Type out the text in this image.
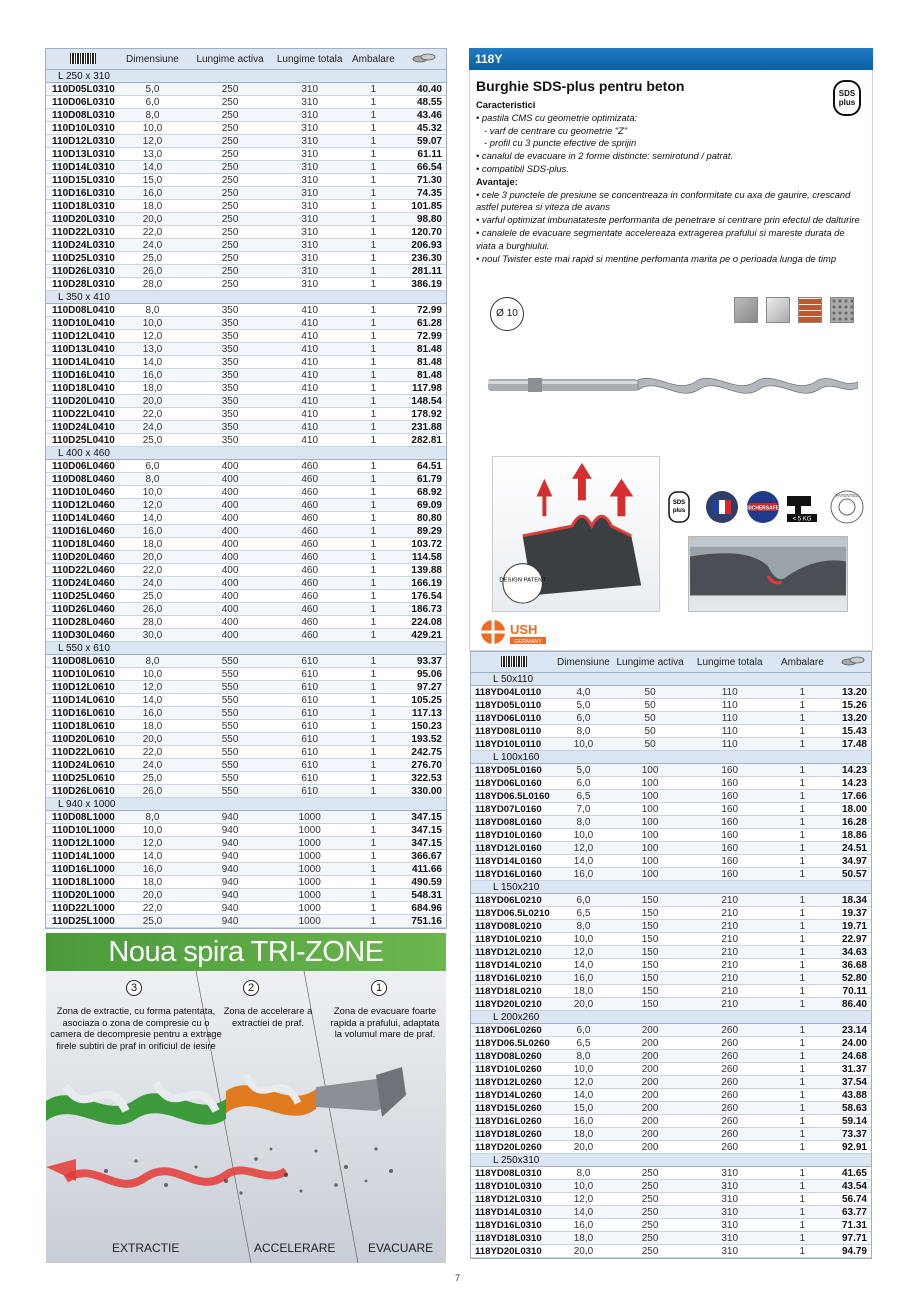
Dimensiune	Lungime activa	Lungime totala Ambalare
L 250 x 310
110D05L0310	5,0	250	310	1	40.40
110D06L0310	6,0	250	310	1	48.55
110D08L0310	8,0	250	310	1	43.46
110D10L0310	10,0	250	310	1	45.32
110D12L0310	12,0	250	310	1	59.07
110D13L0310	13,0	250	310	1	61.11
110D14L0310	14,0	250	310	1	66.54
110D15L0310	15,0	250	310	1	71.30
110D16L0310	16,0	250	310	1	74.35
110D18L0310	18,0	250	310	1	101.85
110D20L0310	20,0	250	310	1	98.80
110D22L0310	22,0	250	310	1	120.70
110D24L0310	24,0	250	310	1	206.93
110D25L0310	25,0	250	310	1	236.30
110D26L0310	26,0	250	310	1	281.11
110D28L0310	28,0	250	310	1	386.19
L 350 x 410
110D08L0410	8,0	350	410	1	72.99
110D10L0410	10,0	350	410	1	61.28
110D12L0410	12,0	350	410	1	72.99
110D13L0410	13,0	350	410	1	81.48
110D14L0410	14,0	350	410	1	81.48
110D16L0410	16,0	350	410	1	81.48
110D18L0410	18,0	350	410	1	117.98
110D20L0410	20,0	350	410	1	148.54
110D22L0410	22,0	350	410	1	178.92
110D24L0410	24,0	350	410	1	231.88
110D25L0410	25,0	350	410	1	282.81
L 400 x 460
110D06L0460	6,0	400	460	1	64.51
110D08L0460	8,0	400	460	1	61.79
110D10L0460	10,0	400	460	1	68.92
110D12L0460	12,0	400	460	1	69.09
110D14L0460	14,0	400	460	1	80.80
110D16L0460	16,0	400	460	1	89.29
110D18L0460	18,0	400	460	1	103.72
110D20L0460	20,0	400	460	1	114.58
110D22L0460	22,0	400	460	1	139.88
110D24L0460	24,0	400	460	1	166.19
110D25L0460	25,0	400	460	1	176.54
110D26L0460	26,0	400	460	1	186.73
110D28L0460	28,0	400	460	1	224.08
110D30L0460	30,0	400	460	1	429.21
L 550 x 610
110D08L0610	8,0	550	610	1	93.37
110D10L0610	10,0	550	610	1	95.06
110D12L0610	12,0	550	610	1	97.27
110D14L0610	14,0	550	610	1	105.25
110D16L0610	16,0	550	610	1	117.13
110D18L0610	18,0	550	610	1	150.23
110D20L0610	20,0	550	610	1	193.52
110D22L0610	22,0	550	610	1	242.75
110D24L0610	24,0	550	610	1	276.70
110D25L0610	25,0	550	610	1	322.53
110D26L0610	26,0	550	610	1	330.00
L 940 x 1000
110D08L1000	8,0	940	1000	1	347.15
110D10L1000	10,0	940	1000	1	347.15
110D12L1000	12,0	940	1000	1	347.15
110D14L1000	14,0	940	1000	1	366.67
110D16L1000	16,0	940	1000	1	411.66
110D18L1000	18,0	940	1000	1	490.59
110D20L1000	20,0	940	1000	1	548.31
110D22L1000	22,0	940	1000	1	684.96
110D25L1000	25,0	940	1000	1	751.16
118Y
Burghie SDS-plus pentru beton	SDS
plus
Caracteristici
• pastila CMS cu geometrie optimizata:
- varf de centrare cu geometrie "Z"
- profil cu 3 puncte efective de sprijin
• canalul de evacuare in 2 forme distincte: semirotund / patrat.
• compatibil SDS-plus.
Avantaje:
• cele 3 punctele de presiune se concentreaza in conformitate cu axa de gaurire, crescand astfel puterea si viteza de avans
• varful optimizat imbunatateste performanta de penetrare si centrare prin efectul de dalturire
• canalele de evacuare segmentate accelereaza extragerea prafului si mareste durata de viata a burghiului.
• noul Twister este mai rapid si mentine perfomanta marita pe o perioada lunga de timp
Ø 10
DESIGN PATENT
SDS
plus	SICHERSAFE
< 5 KG
PATENTED
USH
GERMANY
Dimensiune Lungime activa	Lungime totala	Ambalare
L 50x110
118YD04L0110	4,0	50	110	1	13.20
118YD05L0110	5,0	50	110	1	15.26
118YD06L0110	6,0	50	110	1	13.20
118YD08L0110	8,0	50	110	1	15.43
118YD10L0110	10,0	50	110	1	17.48
L 100x160
118YD05L0160	5,0	100	160	1	14.23
118YD06L0160	6,0	100	160	1	14.23
118YD06.5L0160	6,5	100	160	1	17.66
118YD07L0160	7,0	100	160	1	18.00
118YD08L0160	8,0	100	160	1	16.28
118YD10L0160	10,0	100	160	1	18.86
118YD12L0160	12,0	100	160	1	24.51
118YD14L0160	14,0	100	160	1	34.97
118YD16L0160	16,0	100	160	1	50.57
L 150x210
118YD06L0210	6,0	150	210	1	18.34
118YD06.5L0210	6,5	150	210	1	19.37
118YD08L0210	8,0	150	210	1	19.71
118YD10L0210	10,0	150	210	1	22.97
118YD12L0210	12,0	150	210	1	34.63
118YD14L0210	14,0	150	210	1	36.68
118YD16L0210	16,0	150	210	1	52.80
118YD18L0210	18,0	150	210	1	70.11
118YD20L0210	20,0	150	210	1	86.40
L 200x260
118YD06L0260	6,0	200	260	1	23.14
118YD06.5L0260	6,5	200	260	1	24.00
118YD08L0260	8,0	200	260	1	24.68
118YD10L0260	10,0	200	260	1	31.37
118YD12L0260	12,0	200	260	1	37.54
118YD14L0260	14,0	200	260	1	43.88
118YD15L0260	15,0	200	260	1	58.63
118YD16L0260	16,0	200	260	1	59.14
118YD18L0260	18,0	200	260	1	73.37
118YD20L0260	20,0	200	260	1	92.91
L 250x310
118YD08L0310	8,0	250	310	1	41.65
118YD10L0310	10,0	250	310	1	43.54
118YD12L0310	12,0	250	310	1	56.74
118YD14L0310	14,0	250	310	1	63.77
118YD16L0310	16,0	250	310	1	71.31
118YD18L0310	18,0	250	310	1	97.71
118YD20L0310	20,0	250	310	1	94.79
Noua spira TRI-ZONE
3	2	1
Zona de extractie, cu forma patentata, asociaza o zona de compresie cu o camera de decompresie pentru a extrage firele subtiri de praf in orificiul de iesire
Zona de accelerare a extractiei de praf.
Zona de evacuare foarte rapida a prafului, adaptata la volumul mare de praf.
EXTRACTIE	ACCELERARE	EVACUARE
7
